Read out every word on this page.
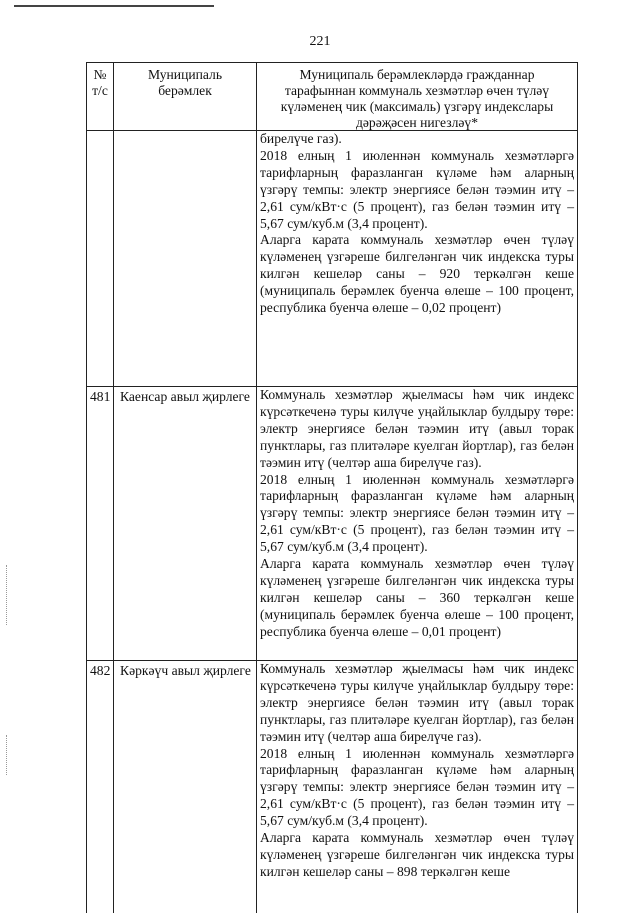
221
№ т/с
Муниципаль берәмлек
Муниципаль берәмлекләрдә гражданнар тарафыннан коммуналь хезмәтләр өчен түләү күләменең чик (максималь) үзгәрү индекслары дәрәҗәсен нигезләү*

бирелүче газ).

2018 елның 1 июленнән коммуналь хезмәтләргә тарифларның фаразланган күләме һәм аларның үзгәрү темпы: электр энергиясе белән тәэмин итү – 2,61 сум/кВт·с (5 процент), газ белән тәэмин итү – 5,67 сум/куб.м (3,4 процент).

Аларга карата коммуналь хезмәтләр өчен түләү күләменең үзгәреше билгеләнгән чик индекска туры килгән кешеләр саны – 920 теркәлгән кеше (муниципаль берәмлек буенча өлеше – 100 процент, республика буенча өлеше – 0,02 процент)

481 Каенсар авыл җирлеге Коммуналь хезмәтләр җыелмасы һәм чик индекс күрсәткеченә туры килүче уңайлыклар булдыру төре: электр энергиясе белән тәэмин итү (авыл торак пунктлары, газ плитәләре куелган йортлар), газ белән тәэмин итү (челтәр аша бирелүче газ).

2018 елның 1 июленнән коммуналь хезмәтләргә тарифларның фаразланган күләме һәм аларның үзгәрү темпы: электр энергиясе белән тәэмин итү – 2,61 сум/кВт·с (5 процент), газ белән тәэмин итү – 5,67 сум/куб.м (3,4 процент).

Аларга карата коммуналь хезмәтләр өчен түләү күләменең үзгәреше билгеләнгән чик индекска туры килгән кешеләр саны – 360 теркәлгән кеше (муниципаль берәмлек буенча өлеше – 100 процент, республика буенча өлеше – 0,01 процент)

482 Кәркәүч авыл җирлеге Коммуналь хезмәтләр җыелмасы һәм чик индекс күрсәткеченә туры килүче уңайлыклар булдыру төре: электр энергиясе белән тәэмин итү (авыл торак пунктлары, газ плитәләре куелган йортлар), газ белән тәэмин итү (челтәр аша бирелүче газ).

2018 елның 1 июленнән коммуналь хезмәтләргә тарифларның фаразланган күләме һәм аларның үзгәрү темпы: электр энергиясе белән тәэмин итү – 2,61 сум/кВт·с (5 процент), газ белән тәэмин итү – 5,67 сум/куб.м (3,4 процент).

Аларга карата коммуналь хезмәтләр өчен түләү күләменең үзгәреше билгеләнгән чик индекска туры килгән кешеләр саны – 898 теркәлгән кеше
